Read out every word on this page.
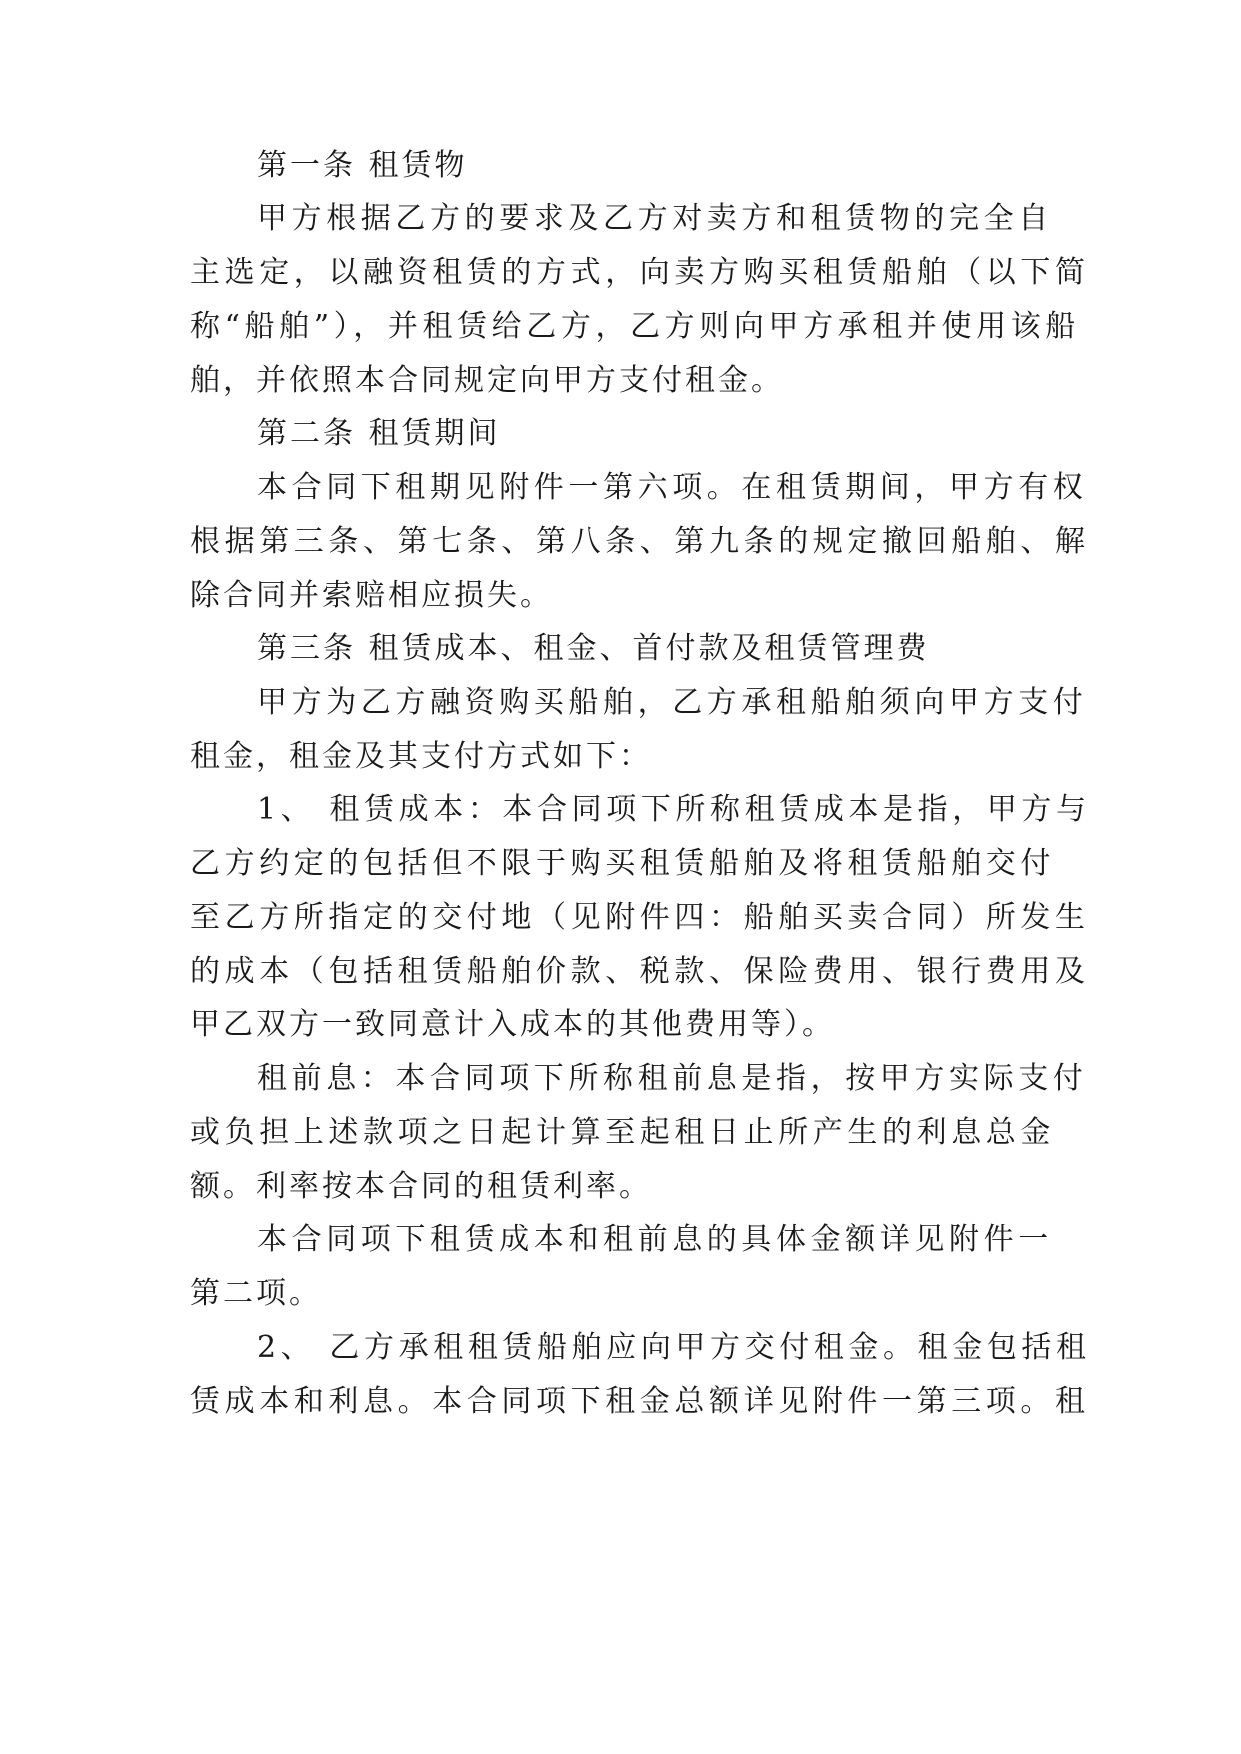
第一条 租赁物
甲方根据乙方的要求及乙方对卖方和租赁物的完全自
主选定，以融资租赁的方式，向卖方购买租赁船舶（以下简
称“船舶”），并租赁给乙方，乙方则向甲方承租并使用该船
舶，并依照本合同规定向甲方支付租金。
第二条 租赁期间
本合同下租期见附件一第六项。在租赁期间，甲方有权
根据第三条、第七条、第八条、第九条的规定撤回船舶、解
除合同并索赔相应损失。
第三条 租赁成本、租金、首付款及租赁管理费
甲方为乙方融资购买船舶，乙方承租船舶须向甲方支付
租金，租金及其支付方式如下：
1、 租赁成本：本合同项下所称租赁成本是指，甲方与
乙方约定的包括但不限于购买租赁船舶及将租赁船舶交付
至乙方所指定的交付地（见附件四：船舶买卖合同）所发生
的成本（包括租赁船舶价款、税款、保险费用、银行费用及
甲乙双方一致同意计入成本的其他费用等）。
租前息：本合同项下所称租前息是指，按甲方实际支付
或负担上述款项之日起计算至起租日止所产生的利息总金
额。利率按本合同的租赁利率。
本合同项下租赁成本和租前息的具体金额详见附件一
第二项。
2、 乙方承租租赁船舶应向甲方交付租金。租金包括租
赁成本和利息。本合同项下租金总额详见附件一第三项。租
